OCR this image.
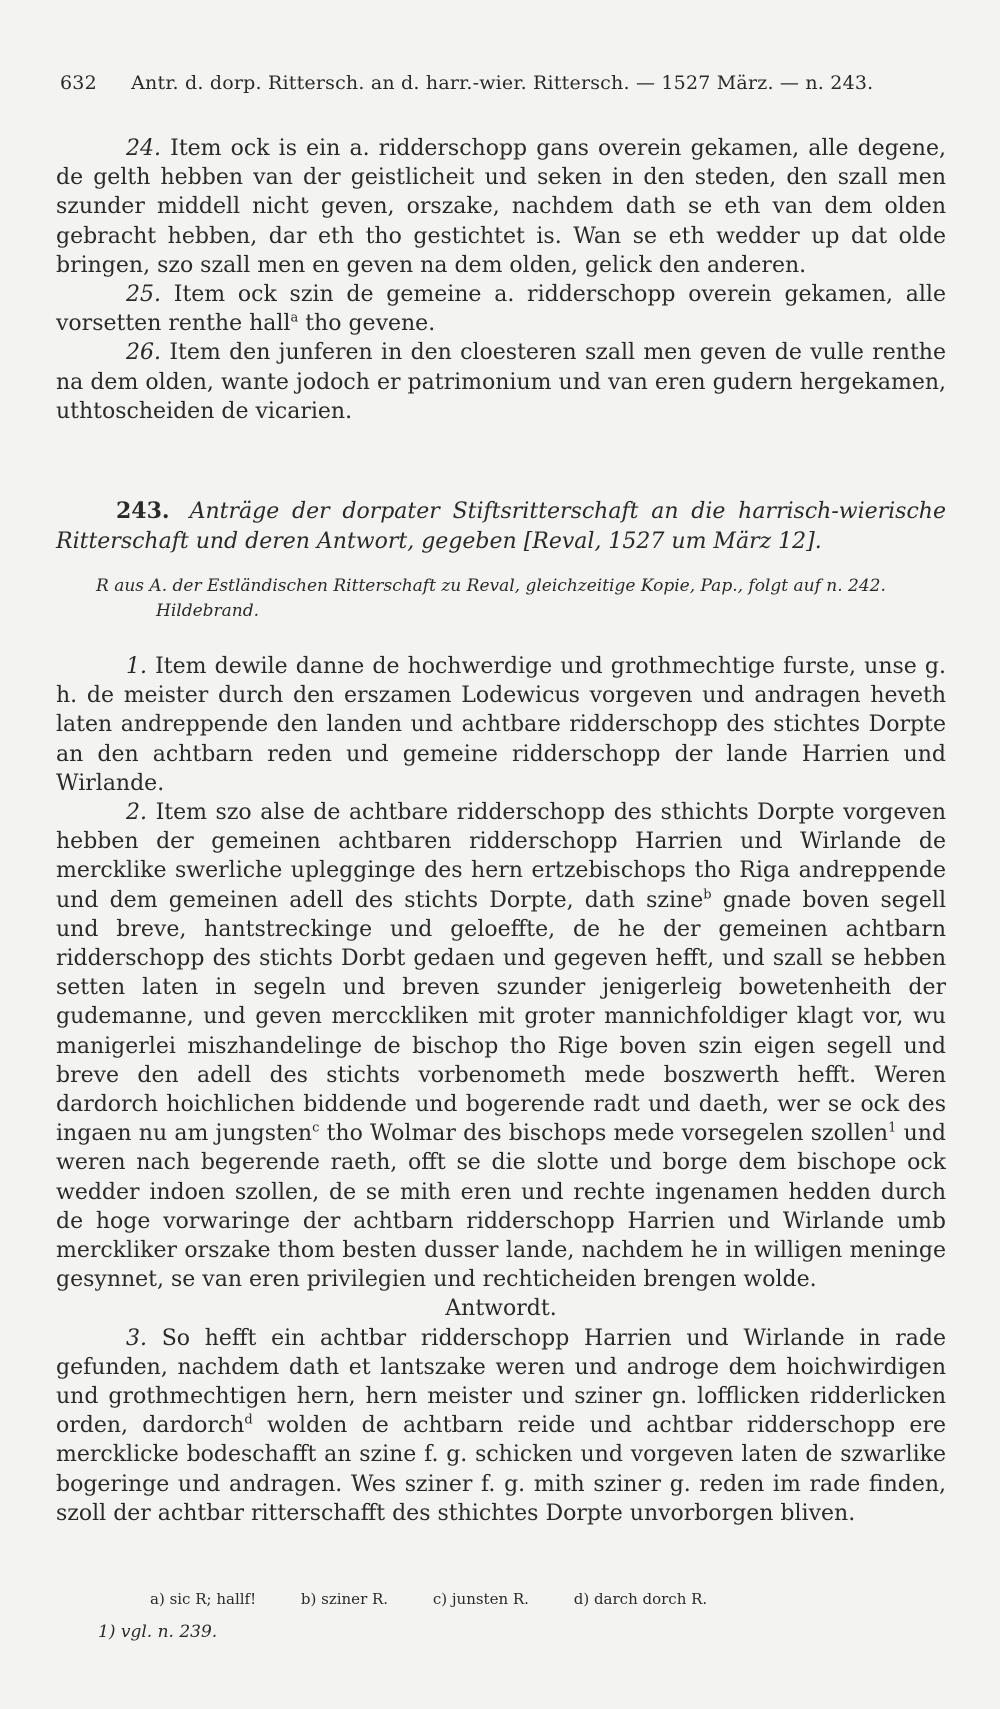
632 Antr. d. dorp. Rittersch. an d. harr.-wier. Rittersch. — 1527 März. — n. 243.

24. Item ock is ein a. ridderschopp gans overein gekamen, alle degene, de gelth hebben van der geistlicheit und seken in den steden, den szall men szunder middell nicht geven, orszake, nachdem dath se eth van dem olden gebracht hebben, dar eth tho gestichtet is. Wan se eth wedder up dat olde bringen, szo szall men en geven na dem olden, gelick den anderen.

25. Item ock szin de gemeine a. ridderschopp overein gekamen, alle vorsetten renthe hall$^a$ tho gevene.

26. Item den junferen in den cloesteren szall men geven de vulle renthe na dem olden, wante jodoch er patrimonium und van eren gudern hergekamen, uthtoscheiden de vicarien.

243. Anträge der dorpater Stiftsritterschaft an die harrisch-wierische Ritterschaft und deren Antwort, gegeben [Reval, 1527 um März 12].
R aus A. der Estländischen Ritterschaft zu Reval, gleichzeitige Kopie, Pap., folgt auf n. 242. Hildebrand.

1. Item dewile danne de hochwerdige und grothmechtige furste, unse g. h. de meister durch den erszamen Lodewicus vorgeven und andragen heveth laten andreppende den landen und achtbare ridderschopp des stichtes Dorpte an den achtbarn reden und gemeine ridderschopp der lande Harrien und Wirlande.

2. Item szo alse de achtbare ridderschopp des sthichts Dorpte vorgeven hebben der gemeinen achtbaren ridderschopp Harrien und Wirlande de mercklike swerliche uplegginge des hern ertzebischops tho Riga andreppende und dem gemeinen adell des stichts Dorpte, dath szine$^b$ gnade boven segell und breve, hantstreckinge und geloeffte, de he der gemeinen achtbarn ridderschopp des stichts Dorbt gedaen und gegeven hefft, und szall se hebben setten laten in segeln und breven szunder jenigerleig bowetenheith der gudemanne, und geven mercckliken mit groter mannichfoldiger klagt vor, wu manigerlei miszhandelinge de bischop tho Rige boven szin eigen segell und breve den adell des stichts vorbenometh mede boszwerth hefft. Weren dardorch hoichlichen biddende und bogerende radt und daeth, wer se ock des ingaen nu am jungsten$^c$ tho Wolmar des bischops mede vorsegelen szollen$^1$ und weren nach begerende raeth, offt se die slotte und borge dem bischope ock wedder indoen szollen, de se mith eren und rechte ingenamen hedden durch de hoge vorwaringe der achtbarn ridderschopp Harrien und Wirlande umb merckliker orszake thom besten dusser lande, nachdem he in willigen meninge gesynnet, se van eren privilegien und rechticheiden brengen wolde.

Antwordt.

3. So hefft ein achtbar ridderschopp Harrien und Wirlande in rade gefunden, nachdem dath et lantszake weren und androge dem hoichwirdigen und grothmechtigen hern, hern meister und sziner gn. lofflicken ridderlicken orden, dardorch$^d$ wolden de achtbarn reide und achtbar ridderschopp ere mercklicke bodeschafft an szine f. g. schicken und vorgeven laten de szwarlike bogeringe und andragen. Wes sziner f. g. mith sziner g. reden im rade finden, szoll der achtbar ritterschafft des sthichtes Dorpte unvorborgen bliven.

a) sic R; hallf!	b) sziner R.	c) junsten R.	d) darch dorch R.
1) vgl. n. 239.
